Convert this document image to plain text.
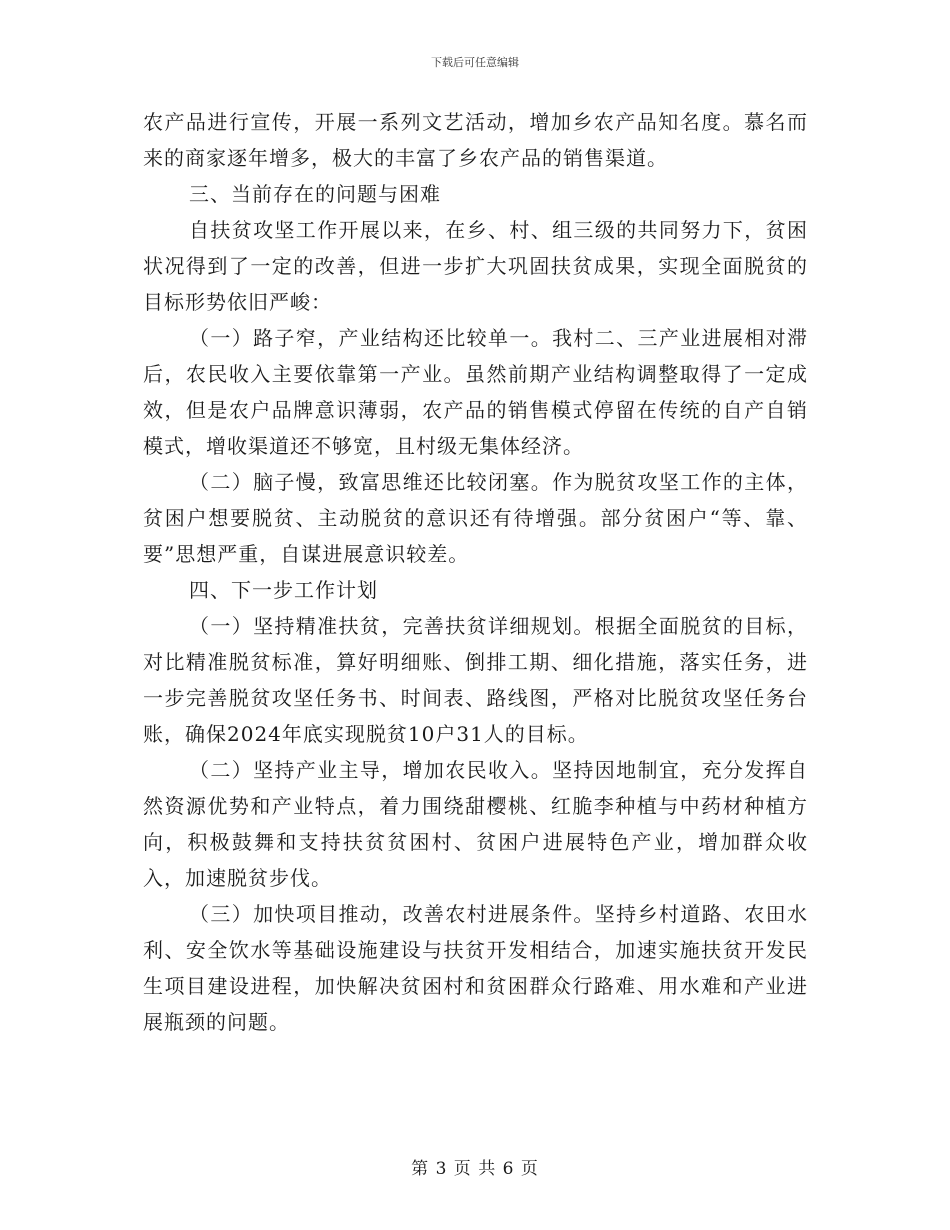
下载后可任意编辑

农产品进行宣传，开展一系列文艺活动，增加乡农产品知名度。慕名而来的商家逐年增多，极大的丰富了乡农产品的销售渠道。

三、当前存在的问题与困难

自扶贫攻坚工作开展以来，在乡、村、组三级的共同努力下，贫困状况得到了一定的改善，但进一步扩大巩固扶贫成果，实现全面脱贫的目标形势依旧严峻：

（一）路子窄，产业结构还比较单一。我村二、三产业进展相对滞后，农民收入主要依靠第一产业。虽然前期产业结构调整取得了一定成效，但是农户品牌意识薄弱，农产品的销售模式停留在传统的自产自销模式，增收渠道还不够宽，且村级无集体经济。

（二）脑子慢，致富思维还比较闭塞。作为脱贫攻坚工作的主体，贫困户想要脱贫、主动脱贫的意识还有待增强。部分贫困户“等、靠、要”思想严重，自谋进展意识较差。

四、下一步工作计划

（一）坚持精准扶贫，完善扶贫详细规划。根据全面脱贫的目标，对比精准脱贫标准，算好明细账、倒排工期、细化措施，落实任务，进一步完善脱贫攻坚任务书、时间表、路线图，严格对比脱贫攻坚任务台账，确保2024年底实现脱贫10户31人的目标。

（二）坚持产业主导，增加农民收入。坚持因地制宜，充分发挥自然资源优势和产业特点，着力围绕甜樱桃、红脆李种植与中药材种植方向，积极鼓舞和支持扶贫贫困村、贫困户进展特色产业，增加群众收入，加速脱贫步伐。

（三）加快项目推动，改善农村进展条件。坚持乡村道路、农田水利、安全饮水等基础设施建设与扶贫开发相结合，加速实施扶贫开发民生项目建设进程，加快解决贫困村和贫困群众行路难、用水难和产业进展瓶颈的问题。

第 3 页 共 6 页
